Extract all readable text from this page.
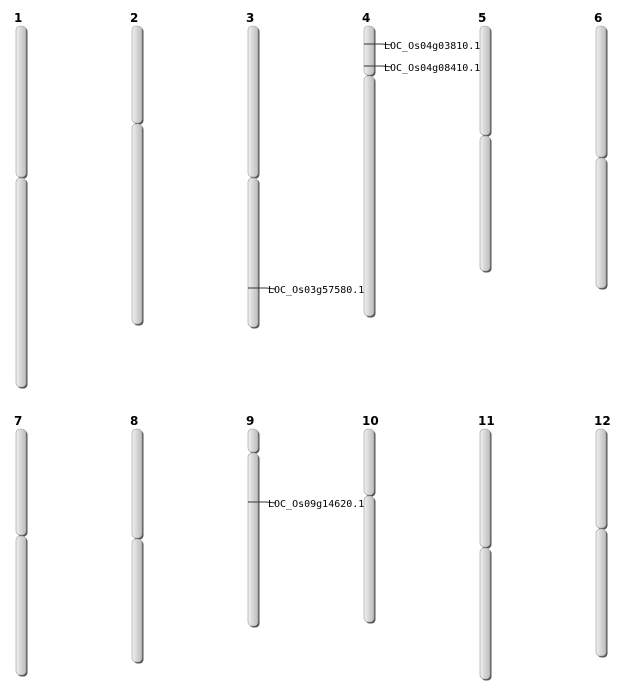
1	2	3	4	5	6
7	8	9	10	11	12
LOC_Os03g57580.1
LOC_Os04g03810.1
LOC_Os04g08410.1
LOC_Os09g14620.1
